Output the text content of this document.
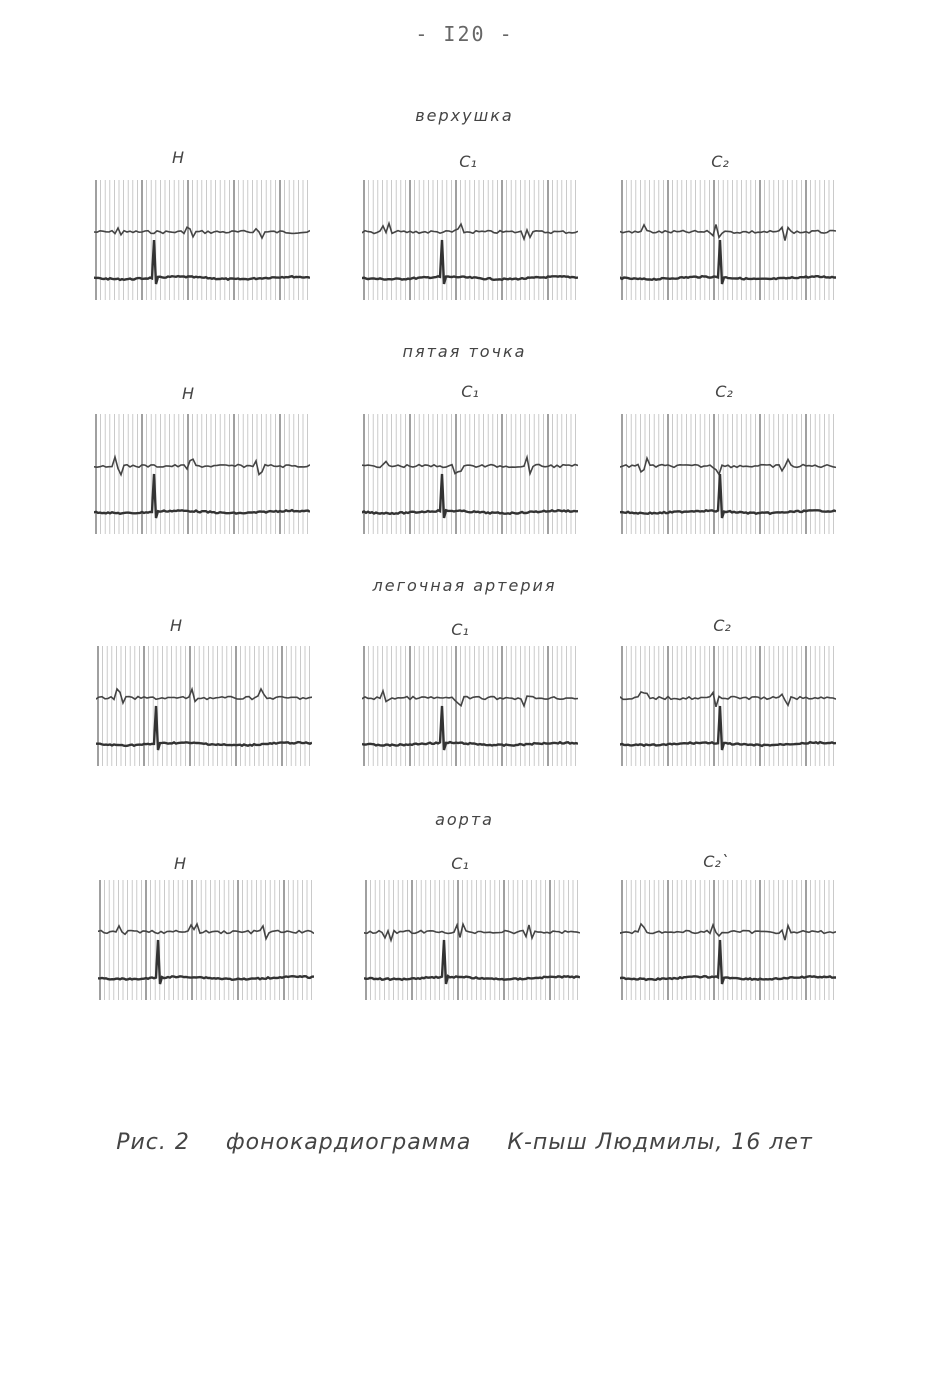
- I20 -
верхушка
Н	С₁	С₂
пятая точка
Н	С₁	С₂
легочная артерия
Н	С₁	С₂
аорта
Н	С₁	С₂`
Рис. 2 фонокардиограмма К-пыш Людмилы, 16 лет
